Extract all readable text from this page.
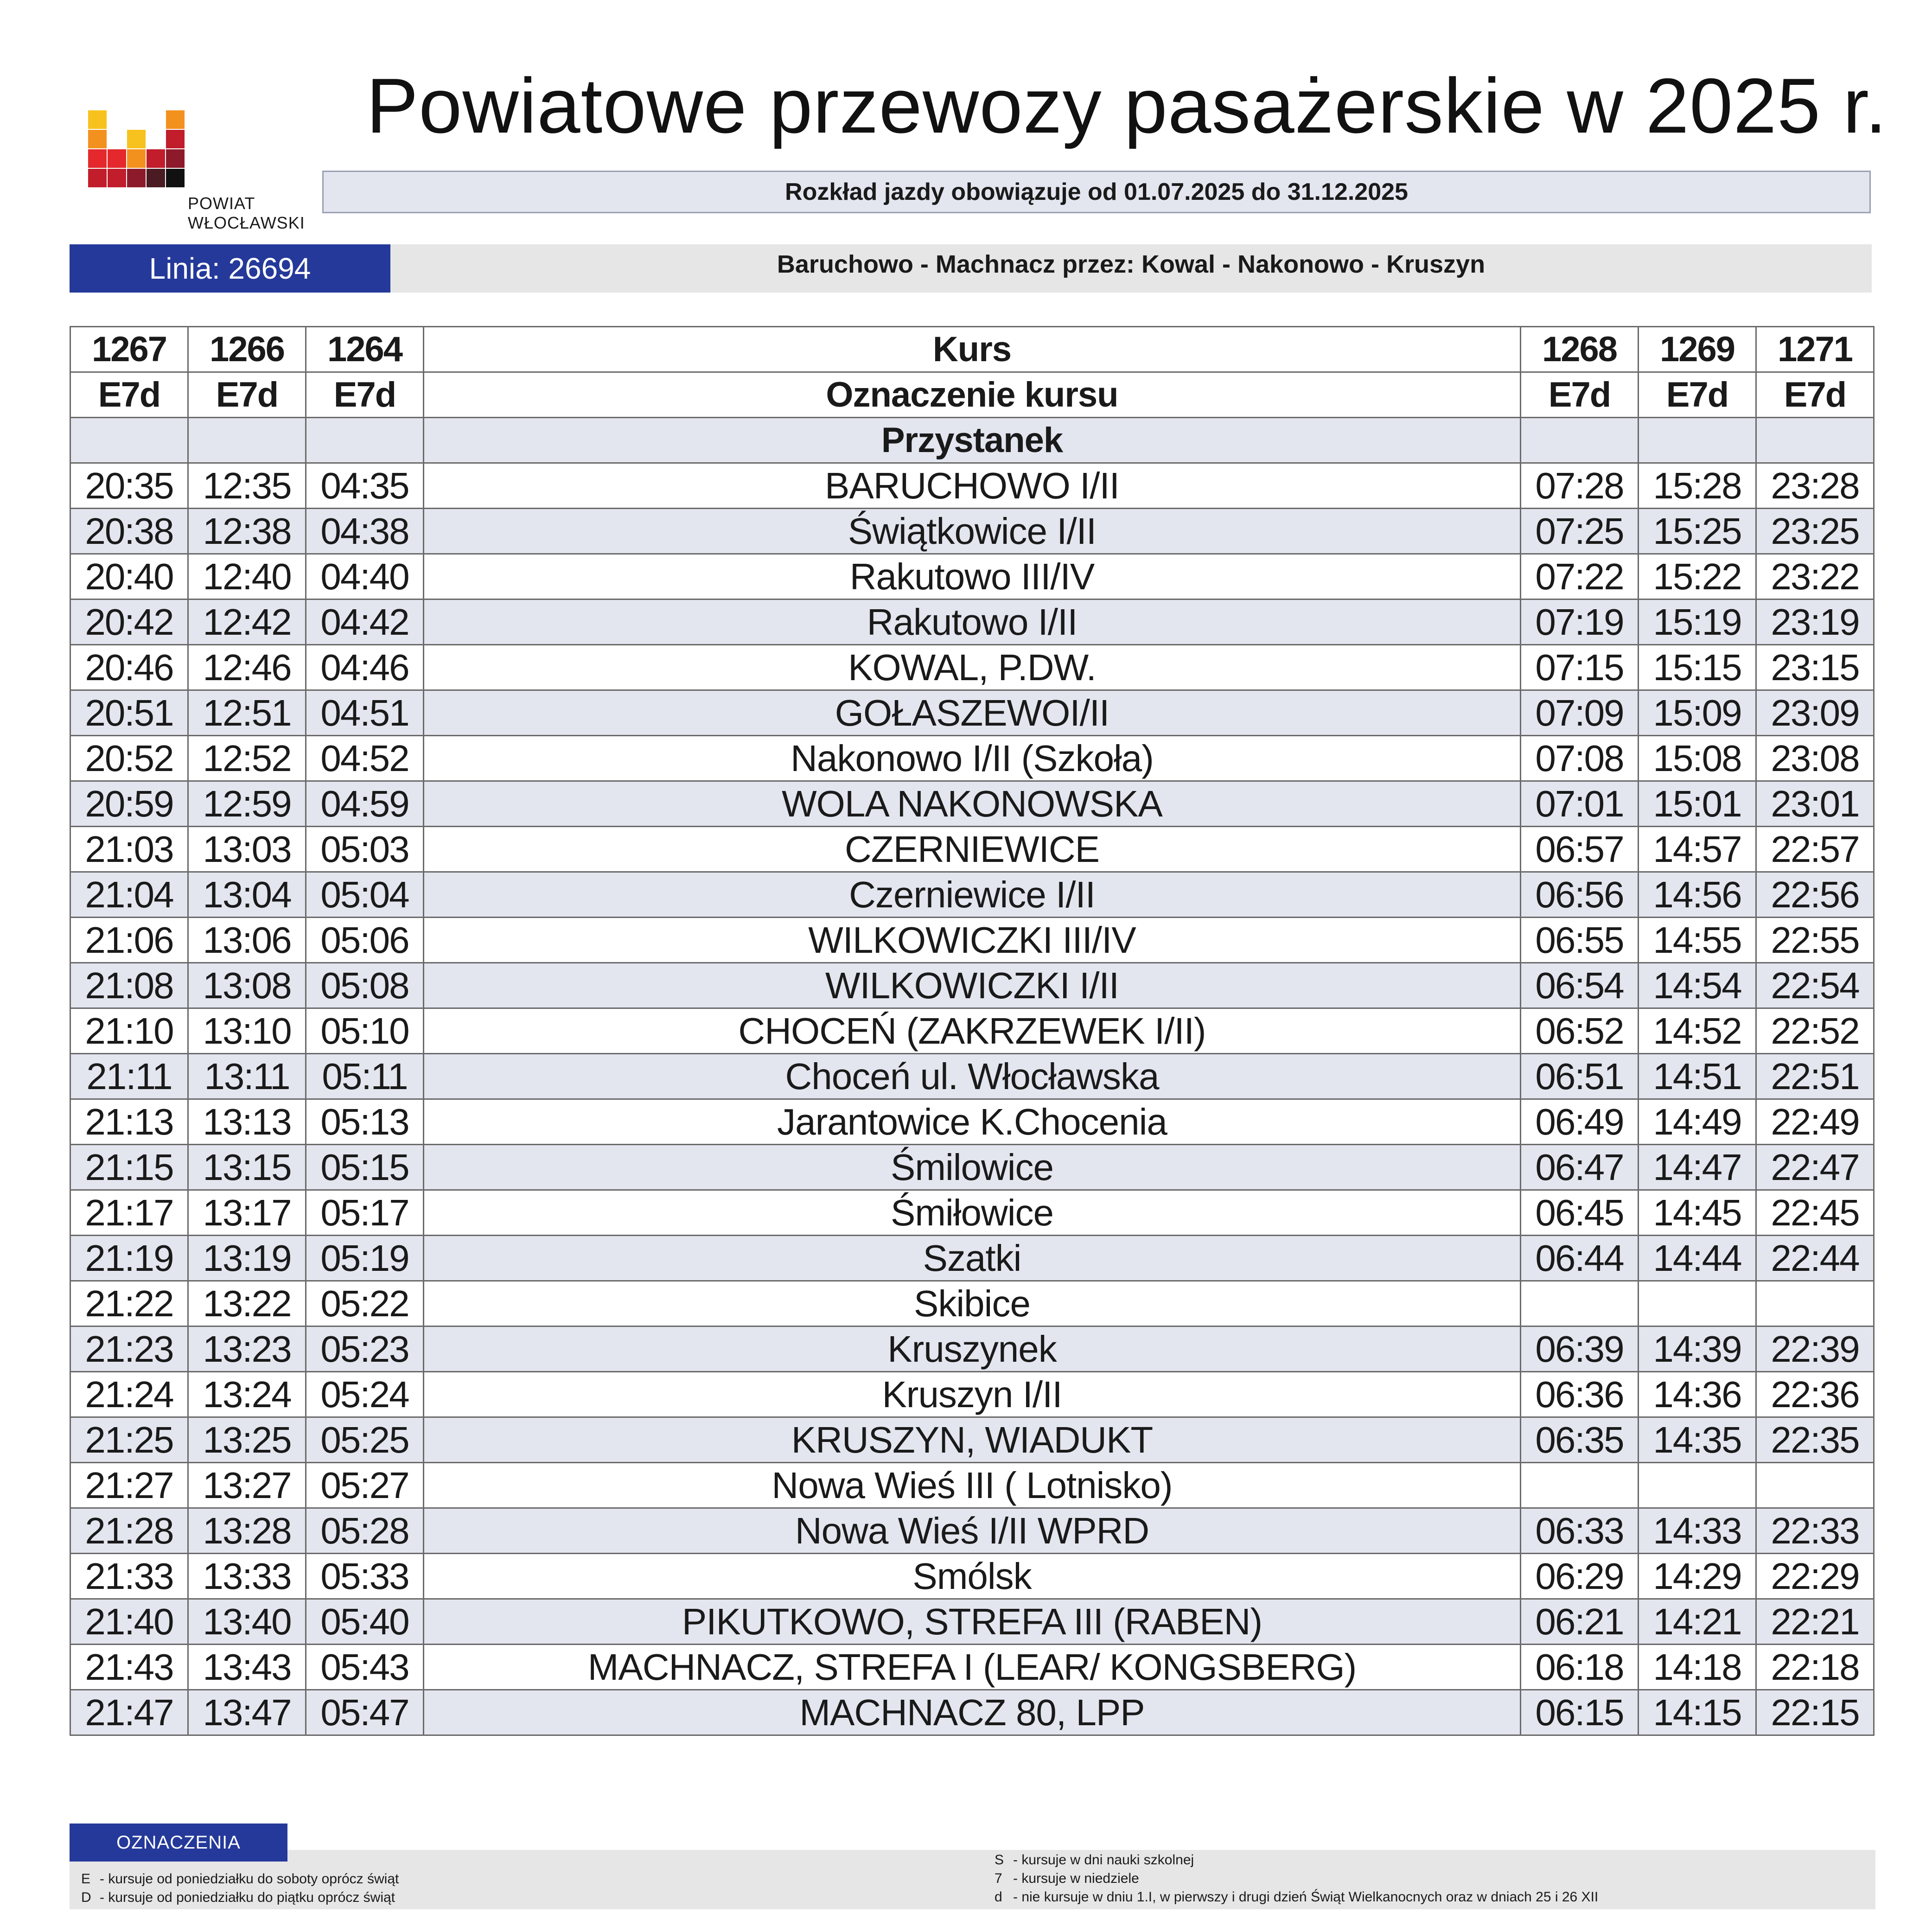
POWIAT
WŁOCŁAWSKI
Powiatowe przewozy pasażerskie w 2025 r.
Rozkład jazdy obowiązuje od 01.07.2025 do 31.12.2025
Linia: 26694	Baruchowo - Machnacz przez: Kowal - Nakonowo - Kruszyn
1267	1266	1264	Kurs	1268	1269	1271
E7d	E7d	E7d	Oznaczenie kursu	E7d	E7d	E7d
			Przystanek			
20:35	12:35	04:35	BARUCHOWO I/II	07:28	15:28	23:28
20:38	12:38	04:38	Świątkowice I/II	07:25	15:25	23:25
20:40	12:40	04:40	Rakutowo III/IV	07:22	15:22	23:22
20:42	12:42	04:42	Rakutowo I/II	07:19	15:19	23:19
20:46	12:46	04:46	KOWAL, P.DW.	07:15	15:15	23:15
20:51	12:51	04:51	GOŁASZEWOI/II	07:09	15:09	23:09
20:52	12:52	04:52	Nakonowo I/II (Szkoła)	07:08	15:08	23:08
20:59	12:59	04:59	WOLA NAKONOWSKA	07:01	15:01	23:01
21:03	13:03	05:03	CZERNIEWICE	06:57	14:57	22:57
21:04	13:04	05:04	Czerniewice I/II	06:56	14:56	22:56
21:06	13:06	05:06	WILKOWICZKI III/IV	06:55	14:55	22:55
21:08	13:08	05:08	WILKOWICZKI I/II	06:54	14:54	22:54
21:10	13:10	05:10	CHOCEŃ (ZAKRZEWEK I/II)	06:52	14:52	22:52
21:11	13:11	05:11	Choceń ul. Włocławska	06:51	14:51	22:51
21:13	13:13	05:13	Jarantowice K.Chocenia	06:49	14:49	22:49
21:15	13:15	05:15	Śmilowice	06:47	14:47	22:47
21:17	13:17	05:17	Śmiłowice	06:45	14:45	22:45
21:19	13:19	05:19	Szatki	06:44	14:44	22:44
21:22	13:22	05:22	Skibice			
21:23	13:23	05:23	Kruszynek	06:39	14:39	22:39
21:24	13:24	05:24	Kruszyn I/II	06:36	14:36	22:36
21:25	13:25	05:25	KRUSZYN, WIADUKT	06:35	14:35	22:35
21:27	13:27	05:27	Nowa Wieś III ( Lotnisko)			
21:28	13:28	05:28	Nowa Wieś I/II WPRD	06:33	14:33	22:33
21:33	13:33	05:33	Smólsk	06:29	14:29	22:29
21:40	13:40	05:40	PIKUTKOWO, STREFA III (RABEN)	06:21	14:21	22:21
21:43	13:43	05:43	MACHNACZ, STREFA I (LEAR/ KONGSBERG)	06:18	14:18	22:18
21:47	13:47	05:47	MACHNACZ 80, LPP	06:15	14:15	22:15
OZNACZENIA
E - kursuje od poniedziałku do soboty oprócz świąt
D - kursuje od poniedziałku do piątku oprócz świąt
S - kursuje w dni nauki szkolnej
7 - kursuje w niedziele
d - nie kursuje w dniu 1.I, w pierwszy i drugi dzień Świąt Wielkanocnych oraz w dniach 25 i 26 XII
